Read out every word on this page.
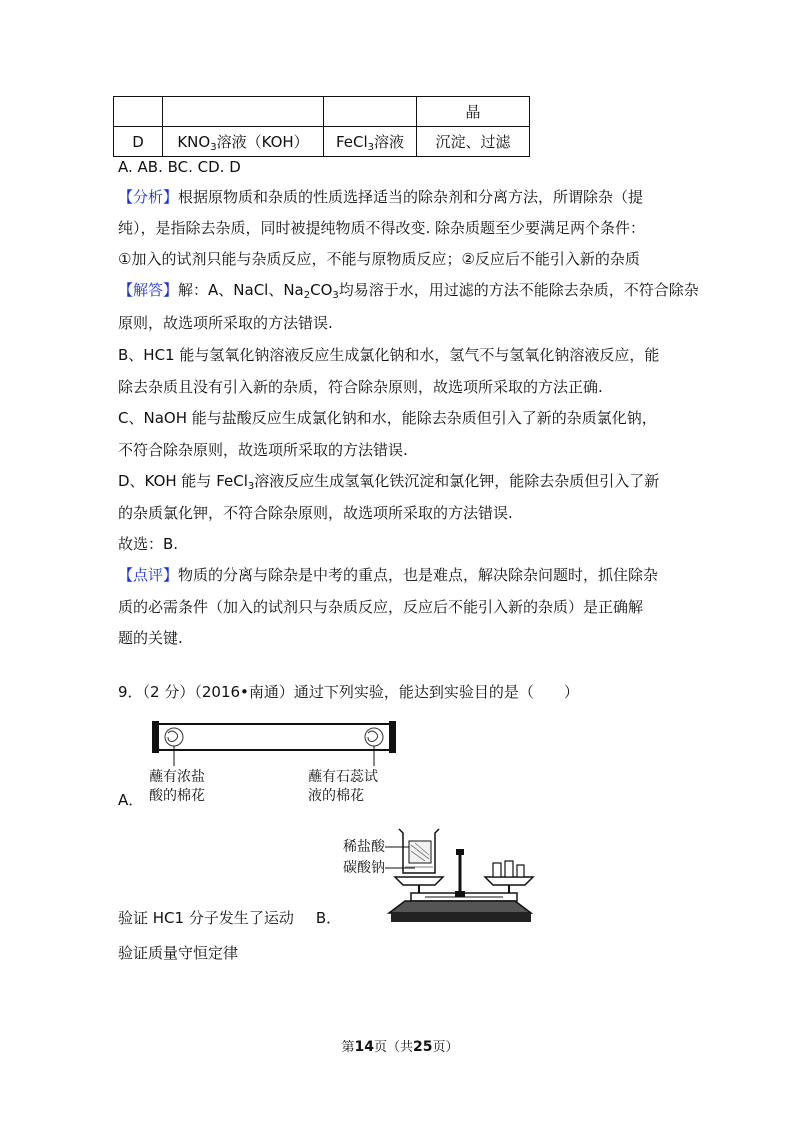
			晶
D	$KNO_3$溶液（KOH）	FeCl$_3$溶液	沉淀、过滤
A. AB. BC. CD. D
【分析】根据原物质和杂质的性质选择适当的除杂剂和分离方法，所谓除杂（提
纯），是指除去杂质，同时被提纯物质不得改变. 除杂质题至少要满足两个条件：
①加入的试剂只能与杂质反应，不能与原物质反应；②反应后不能引入新的杂质
【解答】解：A、NaCl、$Na_2CO_3$均易溶于水，用过滤的方法不能除去杂质，不符合除杂
原则，故选项所采取的方法错误.
B、HC1 能与氢氧化钠溶液反应生成氯化钠和水，氢气不与氢氧化钠溶液反应，能
除去杂质且没有引入新的杂质，符合除杂原则，故选项所采取的方法正确.
C、NaOH 能与盐酸反应生成氯化钠和水，能除去杂质但引入了新的杂质氯化钠，
不符合除杂原则，故选项所采取的方法错误.
D、KOH 能与 FeCl$_3$溶液反应生成氢氧化铁沉淀和氯化钾，能除去杂质但引入了新
的杂质氯化钾，不符合除杂原则，故选项所采取的方法错误.
故选：B.
【点评】物质的分离与除杂是中考的重点，也是难点，解决除杂问题时，抓住除杂
质的必需条件（加入的试剂只与杂质反应，反应后不能引入新的杂质）是正确解
题的关键.
9．（2 分）（2016•南通）通过下列实验，能达到实验目的是（　　）
蘸有浓盐
酸的棉花
蘸有石蕊试
液的棉花
A．
稀盐酸
碳酸钠
验证 HC1 分子发生了运动 B．
验证质量守恒定律
第14页（共25页）
